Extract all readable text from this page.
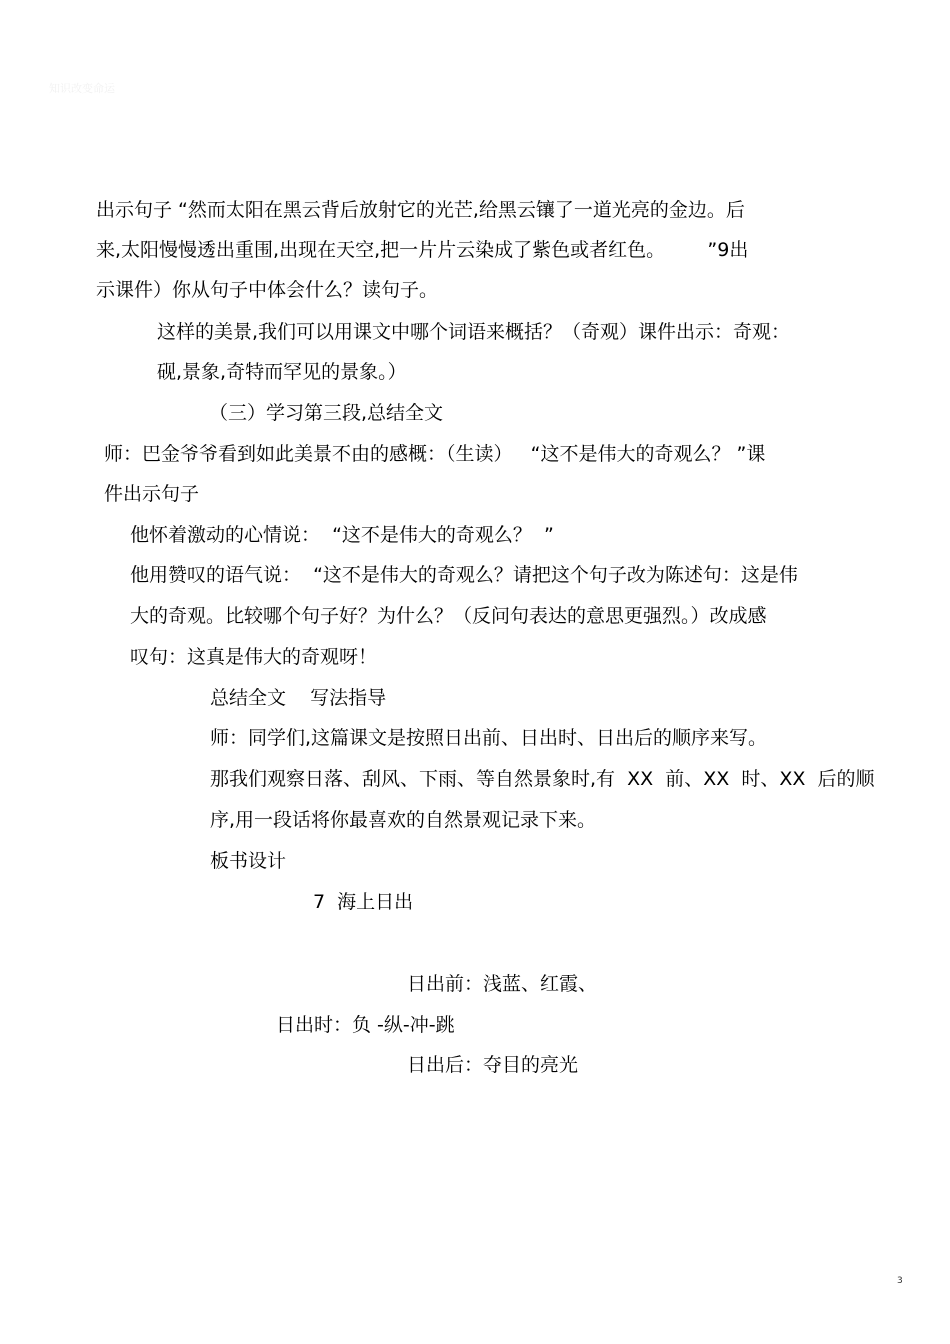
知识改变命运
出示句子 “然而太阳在黑云背后放射它的光芒,给黑云镶了一道光亮的金边。后
来,太阳慢慢透出重围,出现在天空,把一片片云染成了紫色或者红色。       ”9出
示课件）你从句子中体会什么？读句子。
这样的美景,我们可以用课文中哪个词语来概括？（奇观）课件出示：奇观：
砚,景象,奇特而罕见的景象。）
（三）学习第三段,总结全文
师：巴金爷爷看到如此美景不由的感概：（生读）   “这不是伟大的奇观么？ ”课
件出示句子
他怀着激动的心情说：  “这不是伟大的奇观么？  ”
他用赞叹的语气说：  “这不是伟大的奇观么？请把这个句子改为陈述句：这是伟
大的奇观。比较哪个句子好？为什么？（反问句表达的意思更强烈。）改成感
叹句：这真是伟大的奇观呀！
总结全文    写法指导
师：同学们,这篇课文是按照日出前、日出时、日出后的顺序来写。
那我们观察日落、刮风、下雨、等自然景象时,有  XX  前、XX  时、XX  后的顺
序,用一段话将你最喜欢的自然景观记录下来。
板书设计
7  海上日出
日出前：浅蓝、红霞、
日出时：负 -纵-冲-跳
日出后：夺目的亮光
3
